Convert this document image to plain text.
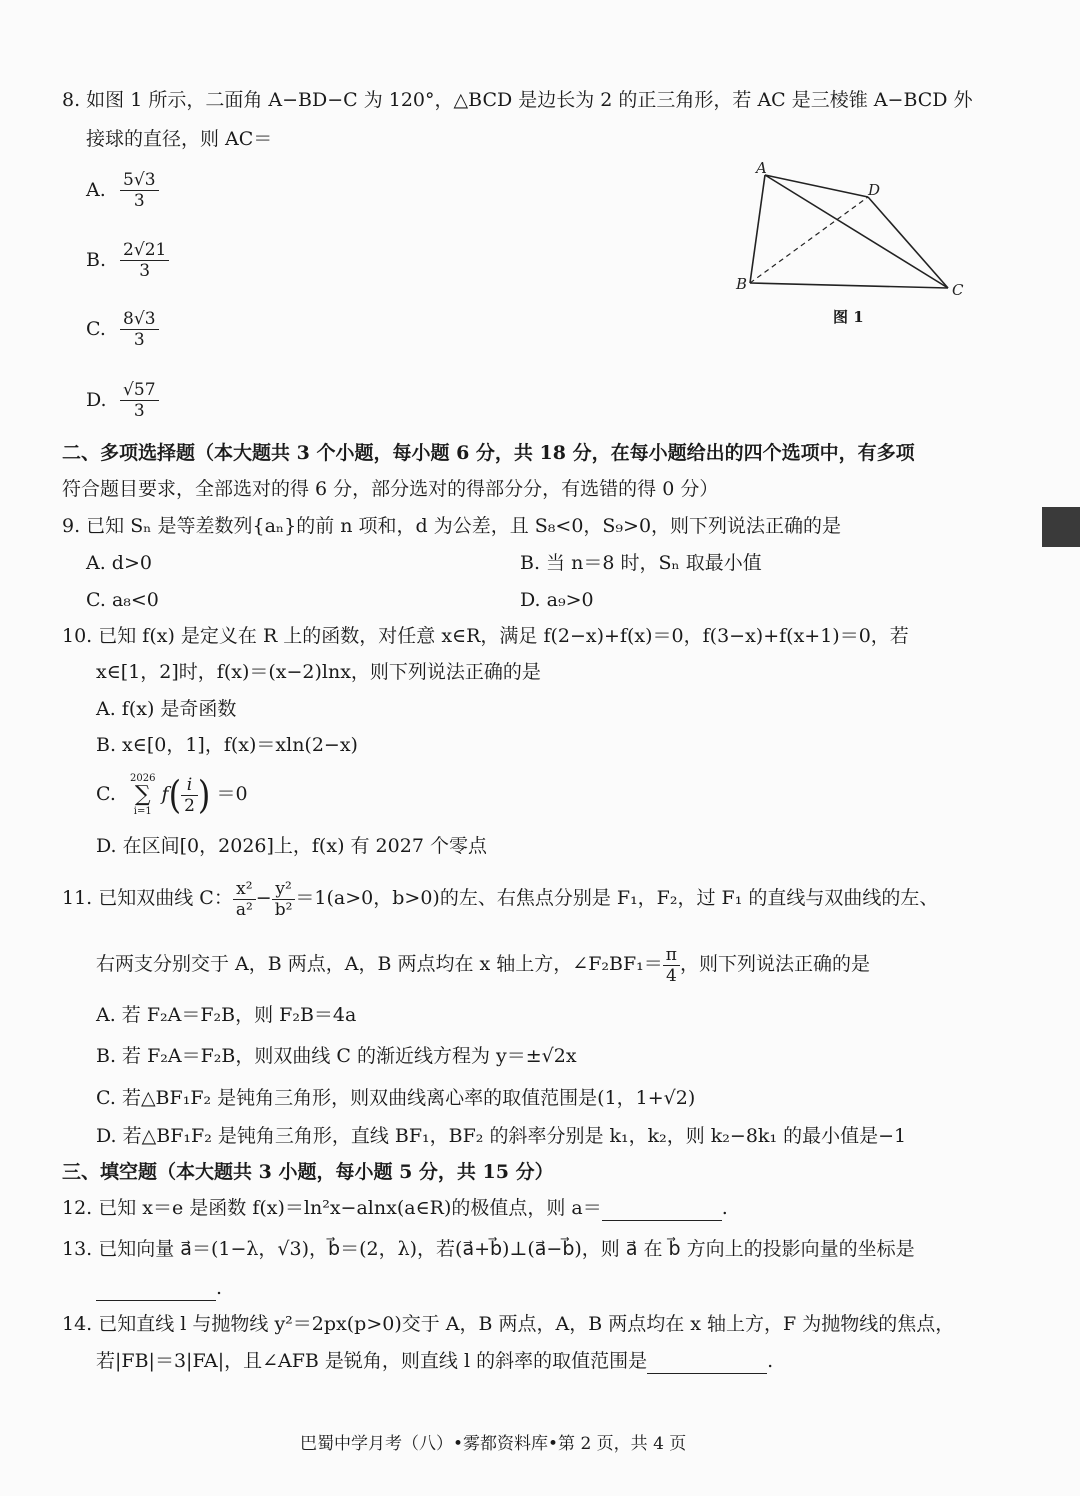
8. 如图 1 所示，二面角 A−BD−C 为 120°，△BCD 是边长为 2 的正三角形，若 AC 是三棱锥 A−BCD 外
接球的直径，则 AC＝
A. $\frac{5√3}{3}$
B. $\frac{2√21}{3}$
C. $\frac{8√3}{3}$
D. $\frac{√57}{3}$
A
D
B	C
图 1
二、多项选择题（本大题共 3 个小题，每小题 6 分，共 18 分，在每小题给出的四个选项中，有多项
符合题目要求，全部选对的得 6 分，部分选对的得部分分，有选错的得 0 分）
9. 已知 Sₙ 是等差数列{aₙ}的前 n 项和，d 为公差，且 S₈<0，S₉>0，则下列说法正确的是
A. d>0	B. 当 n＝8 时，Sₙ 取最小值
C. a₈<0	D. a₉>0
10. 已知 f(x) 是定义在 R 上的函数，对任意 x∈R，满足 f(2−x)+f(x)＝0，f(3−x)+f(x+1)＝0，若
x∈[1，2]时，f(x)＝(x−2)lnx，则下列说法正确的是
A. f(x) 是奇函数
B. x∈[0，1]，f(x)＝xln(2−x)
C. 2026
∑
i=1 $f( \frac{i}{2}$ ) ＝0
D. 在区间[0，2026]上，f(x) 有 2027 个零点
11. 已知双曲线 C： $\frac{\text{x²}}{\text{a²}} - \frac{\text{y²}}{\text{b²}} =1(a>0$，b>0)的左、右焦点分别是 F₁，F₂，过 F₁ 的直线与双曲线的左、
右两支分别交于 A，B 两点，A，B 两点均在 x 轴上方，∠F₂BF₁＝ $\frac{\pi}{4}$ ，则下列说法正确的是
A. 若 F₂A＝F₂B，则 F₂B＝4a
B. 若 F₂A＝F₂B，则双曲线 C 的渐近线方程为 y＝±√2x
C. 若△BF₁F₂ 是钝角三角形，则双曲线离心率的取值范围是(1，1+√2)
D. 若△BF₁F₂ 是钝角三角形，直线 BF₁，BF₂ 的斜率分别是 k₁，k₂，则 k₂−8k₁ 的最小值是−1
三、填空题（本大题共 3 小题，每小题 5 分，共 15 分）
12. 已知 x＝e 是函数 f(x)＝ln²x−alnx(a∈R)的极值点，则 a＝	.
13. 已知向量 a⃗＝(1−λ，√3)，b⃗＝(2，λ)，若(a⃗+b⃗)⊥(a⃗−b⃗)，则 a⃗ 在 b⃗ 方向上的投影向量的坐标是
.
14. 已知直线 l 与抛物线 y²＝2px(p>0)交于 A，B 两点，A，B 两点均在 x 轴上方，F 为抛物线的焦点，
若|FB|＝3|FA|，且∠AFB 是锐角，则直线 l 的斜率的取值范围是	.
巴蜀中学月考（八）•雾都资料库•第 2 页，共 4 页
